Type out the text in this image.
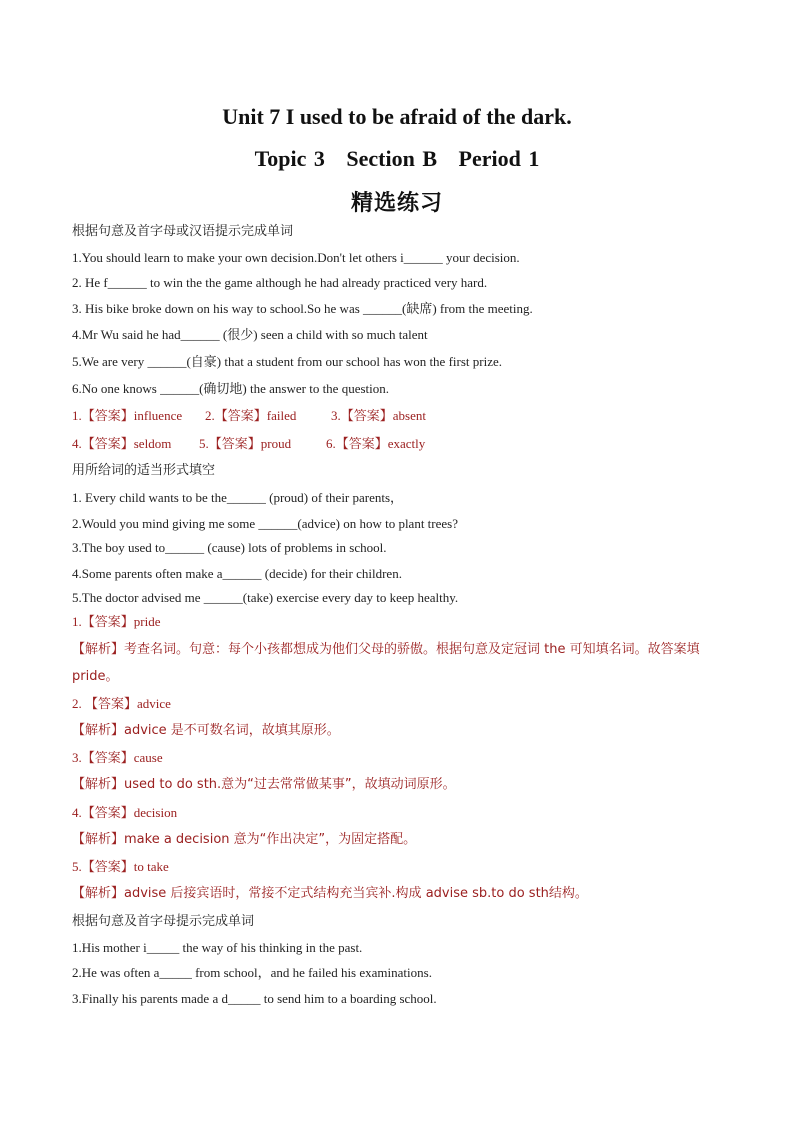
Unit 7 I used to be afraid of the dark.
Topic 3 Section B Period 1
精选练习
根据句意及首字母或汉语提示完成单词
1.You should learn to make your own decision.Don't let others i______ your decision.
2. He f______ to win the the game although he had already practiced very hard.
3. His bike broke down on his way to school.So he was ______(缺席) from the meeting.
4.Mr Wu said he had______ (很少) seen a child with so much talent
5.We are very ______(自豪) that a student from our school has won the first prize.
6.No one knows ______(确切地) the answer to the question.
1.【答案】influence 2.【答案】failed	3.【答案】absent
4.【答案】seldom 5.【答案】proud	6.【答案】exactly
用所给词的适当形式填空
1. Every child wants to be the______ (proud) of their parents，
2.Would you mind giving me some ______(advice) on how to plant trees?
3.The boy used to______ (cause) lots of problems in school.
4.Some parents often make a______ (decide) for their children.
5.The doctor advised me ______(take) exercise every day to keep healthy.
1.【答案】pride
【解析】考查名词。句意：每个小孩都想成为他们父母的骄傲。根据句意及定冠词 the 可知填名词。故答案填 pride。
2. 【答案】advice
【解析】advice 是不可数名词，故填其原形。
3.【答案】cause
【解析】used to do sth.意为“过去常常做某事”，故填动词原形。
4.【答案】decision
【解析】make a decision 意为“作出决定”，为固定搭配。
5.【答案】to take
【解析】advise 后接宾语时，常接不定式结构充当宾补.构成 advise sb.to do sth结构。
根据句意及首字母提示完成单词
1.His mother i_____ the way of his thinking in the past.
2.He was often a_____ from school，and he failed his examinations.
3.Finally his parents made a d_____ to send him to a boarding school.
